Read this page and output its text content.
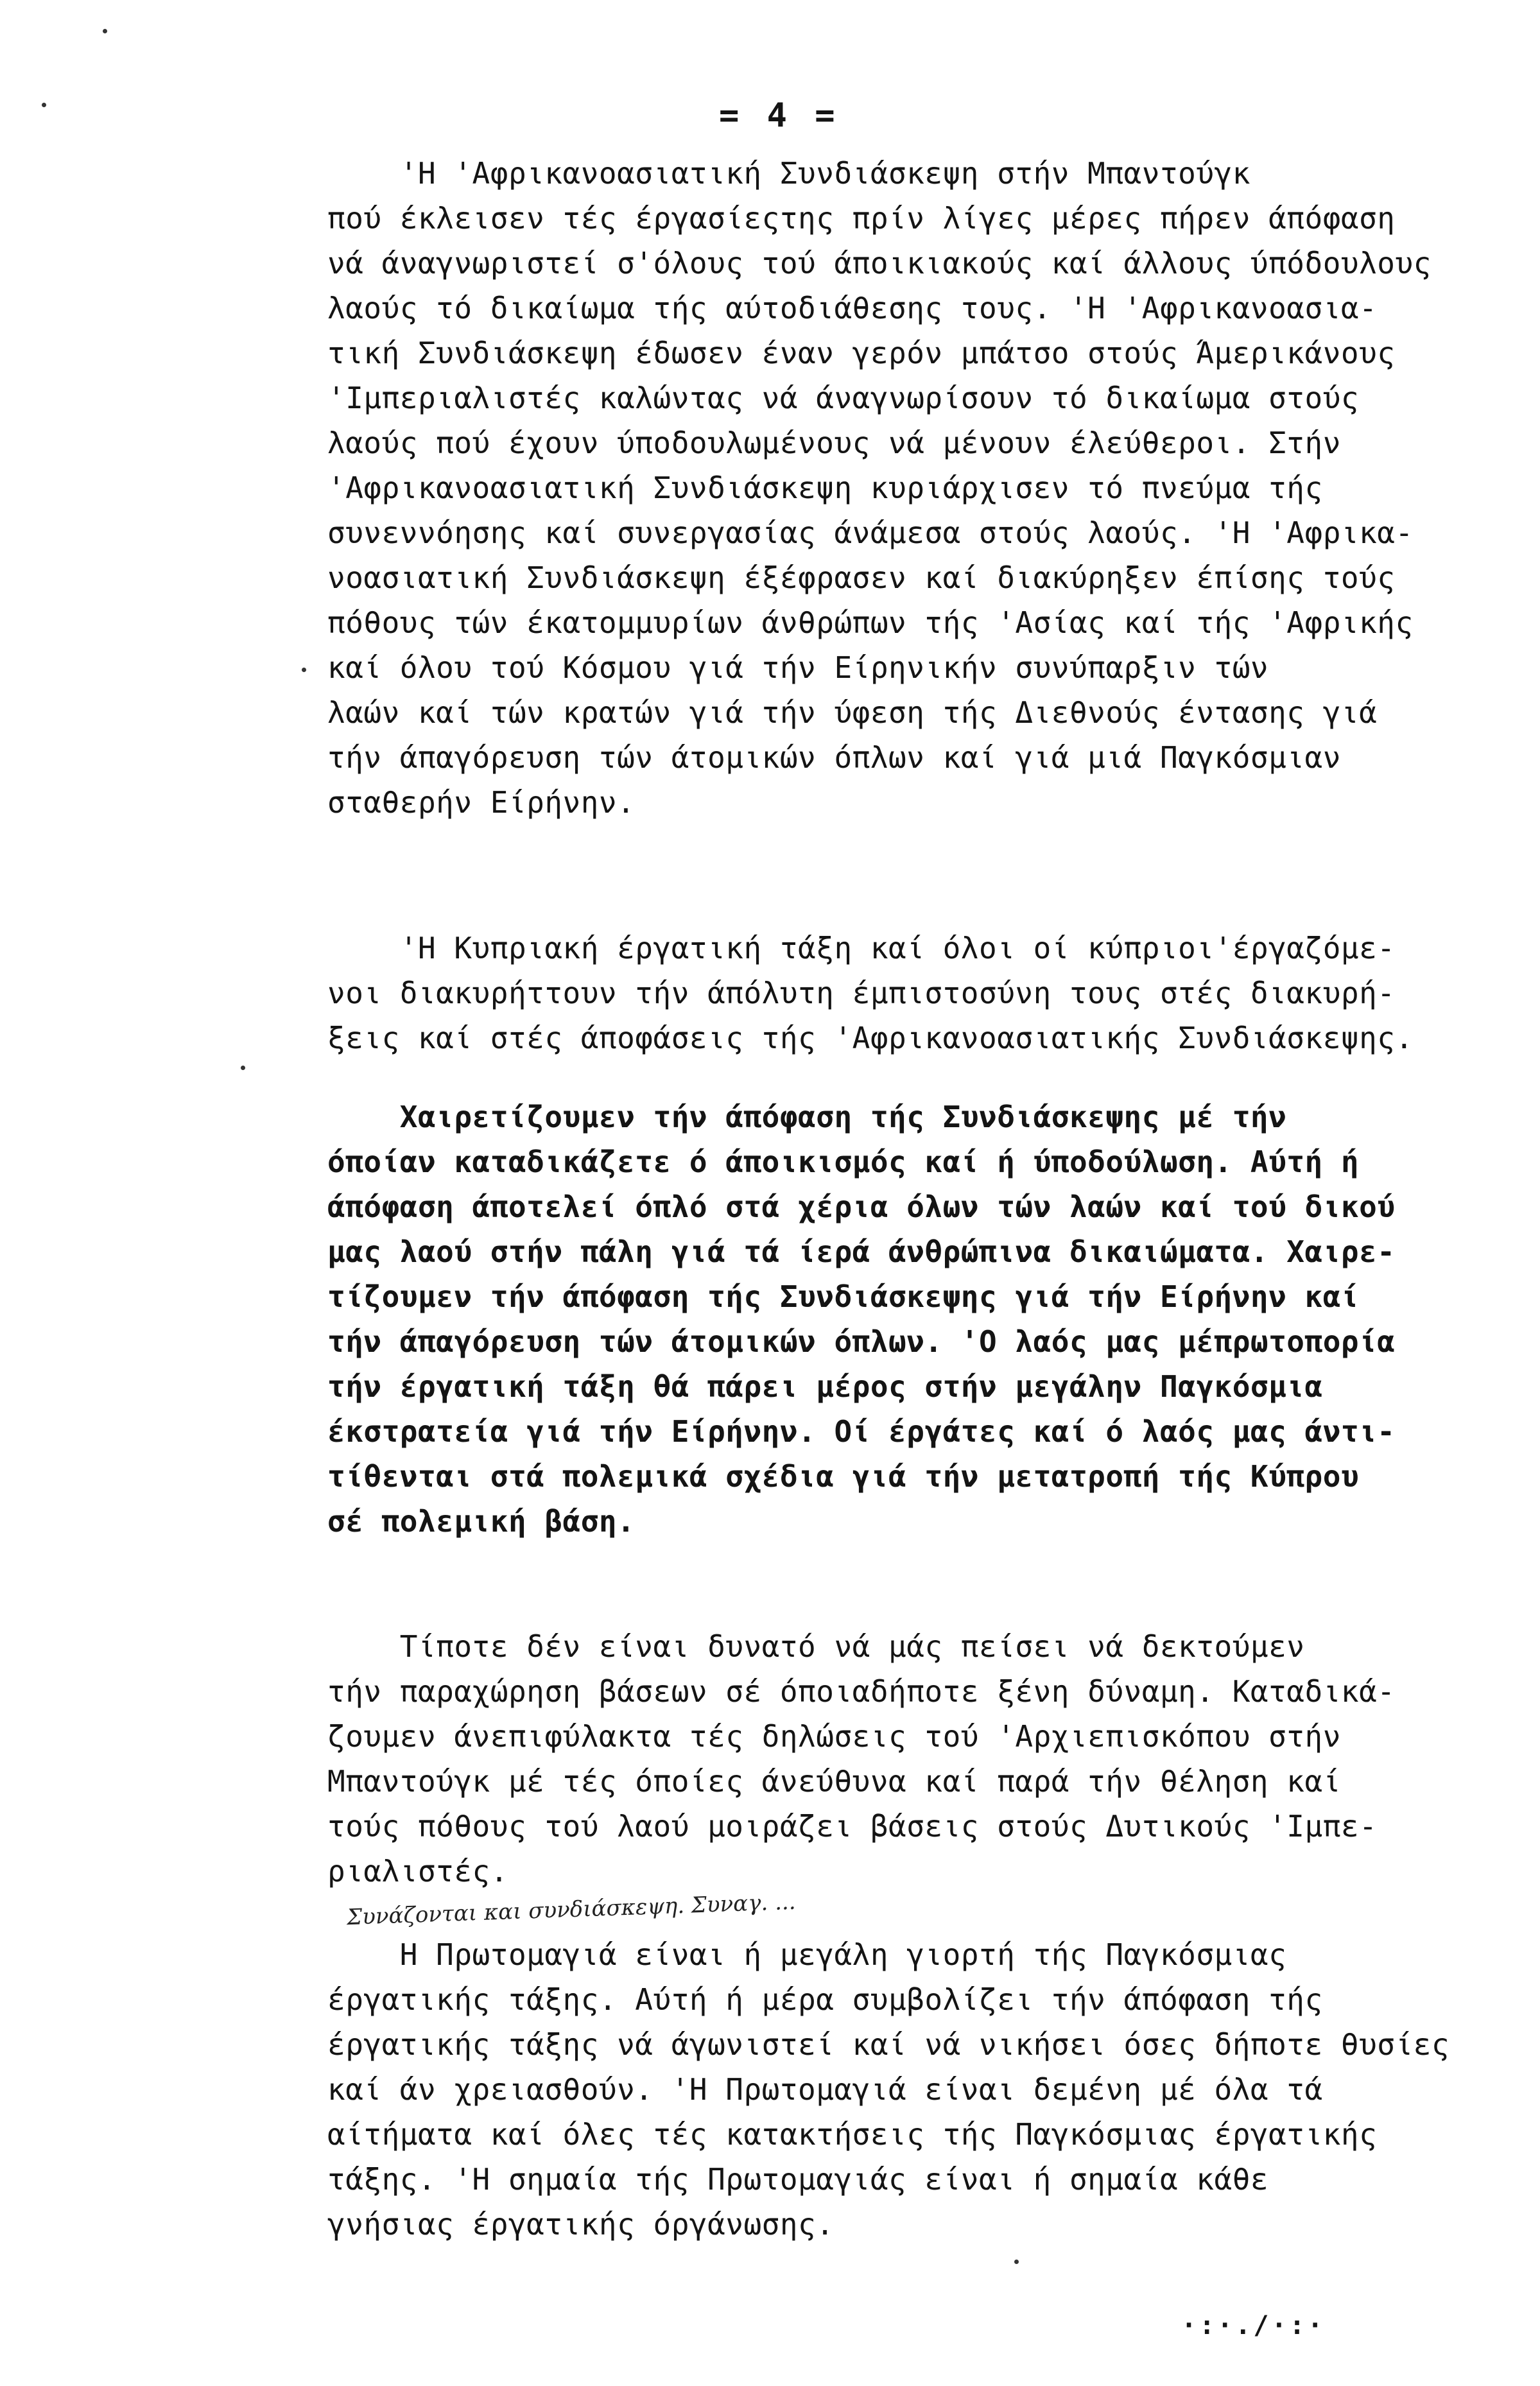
= 4 =
'Η 'Αφρικανοασιατική Συνδιάσκεψη στήν Μπαντούγκ
πού έκλεισεν τές έργασίεςτης πρίν λίγες μέρες πήρεν άπόφαση
νά άναγνωριστεί σ'όλους τού άποικιακούς καί άλλους ύπόδουλους
λαούς τό δικαίωμα τής αύτοδιάθεσης τους. 'Η 'Αφρικανοασια-
τική Συνδιάσκεψη έδωσεν έναν γερόν μπάτσο στούς Άμερικάνους
'Ιμπεριαλιστές καλώντας νά άναγνωρίσουν τό δικαίωμα στούς
λαούς πού έχουν ύποδουλωμένους νά μένουν έλεύθεροι. Στήν
'Αφρικανοασιατική Συνδιάσκεψη κυριάρχισεν τό πνεύμα τής
συνεννόησης καί συνεργασίας άνάμεσα στούς λαούς. 'Η 'Αφρικα-
νοασιατική Συνδιάσκεψη έξέφρασεν καί διακύρηξεν έπίσης τούς
πόθους τών έκατομμυρίων άνθρώπων τής 'Ασίας καί τής 'Αφρικής
καί όλου τού Κόσμου γιά τήν Είρηνικήν συνύπαρξιν τών
λαών καί τών κρατών γιά τήν ύφεση τής Διεθνούς έντασης γιά
τήν άπαγόρευση τών άτομικών όπλων καί γιά μιά Παγκόσμιαν
σταθερήν Είρήνην.
'Η Κυπριακή έργατική τάξη καί όλοι οί κύπριοι'έργαζόμε-
νοι διακυρήττουν τήν άπόλυτη έμπιστοσύνη τους στές διακυρή-
ξεις καί στές άποφάσεις τής 'Αφρικανοασιατικής Συνδιάσκεψης.
Χαιρετίζουμεν τήν άπόφαση τής Συνδιάσκεψης μέ τήν
όποίαν καταδικάζετε ό άποικισμός καί ή ύποδούλωση. Αύτή ή
άπόφαση άποτελεί όπλό στά χέρια όλων τών λαών καί τού δικού
μας λαού στήν πάλη γιά τά ίερά άνθρώπινα δικαιώματα. Χαιρε-
τίζουμεν τήν άπόφαση τής Συνδιάσκεψης γιά τήν Είρήνην καί
τήν άπαγόρευση τών άτομικών όπλων. 'Ο λαός μας μέπρωτοπορία
τήν έργατική τάξη θά πάρει μέρος στήν μεγάλην Παγκόσμια
έκστρατεία γιά τήν Είρήνην. Οί έργάτες καί ό λαός μας άντι-
τίθενται στά πολεμικά σχέδια γιά τήν μετατροπή τής Κύπρου
σέ πολεμική βάση.
Τίποτε δέν είναι δυνατό νά μάς πείσει νά δεκτούμεν
τήν παραχώρηση βάσεων σέ όποιαδήποτε ξένη δύναμη. Καταδικά-
ζουμεν άνεπιφύλακτα τές δηλώσεις τού 'Αρχιεπισκόπου στήν
Μπαντούγκ μέ τές όποίες άνεύθυνα καί παρά τήν θέληση καί
τούς πόθους τού λαού μοιράζει βάσεις στούς Δυτικούς 'Ιμπε-
ριαλιστές.
Συνάζονται και συνδιάσκεψη. Συναγ. ...
Η Πρωτομαγιά είναι ή μεγάλη γιορτή τής Παγκόσμιας
έργατικής τάξης. Αύτή ή μέρα συμβολίζει τήν άπόφαση τής
έργατικής τάξης νά άγωνιστεί καί νά νικήσει όσες δήποτε θυσίες
καί άν χρειασθούν. 'Η Πρωτομαγιά είναι δεμένη μέ όλα τά
αίτήματα καί όλες τές κατακτήσεις τής Παγκόσμιας έργατικής
τάξης. 'Η σημαία τής Πρωτομαγιάς είναι ή σημαία κάθε
γνήσιας έργατικής όργάνωσης.
·:·./·:·
